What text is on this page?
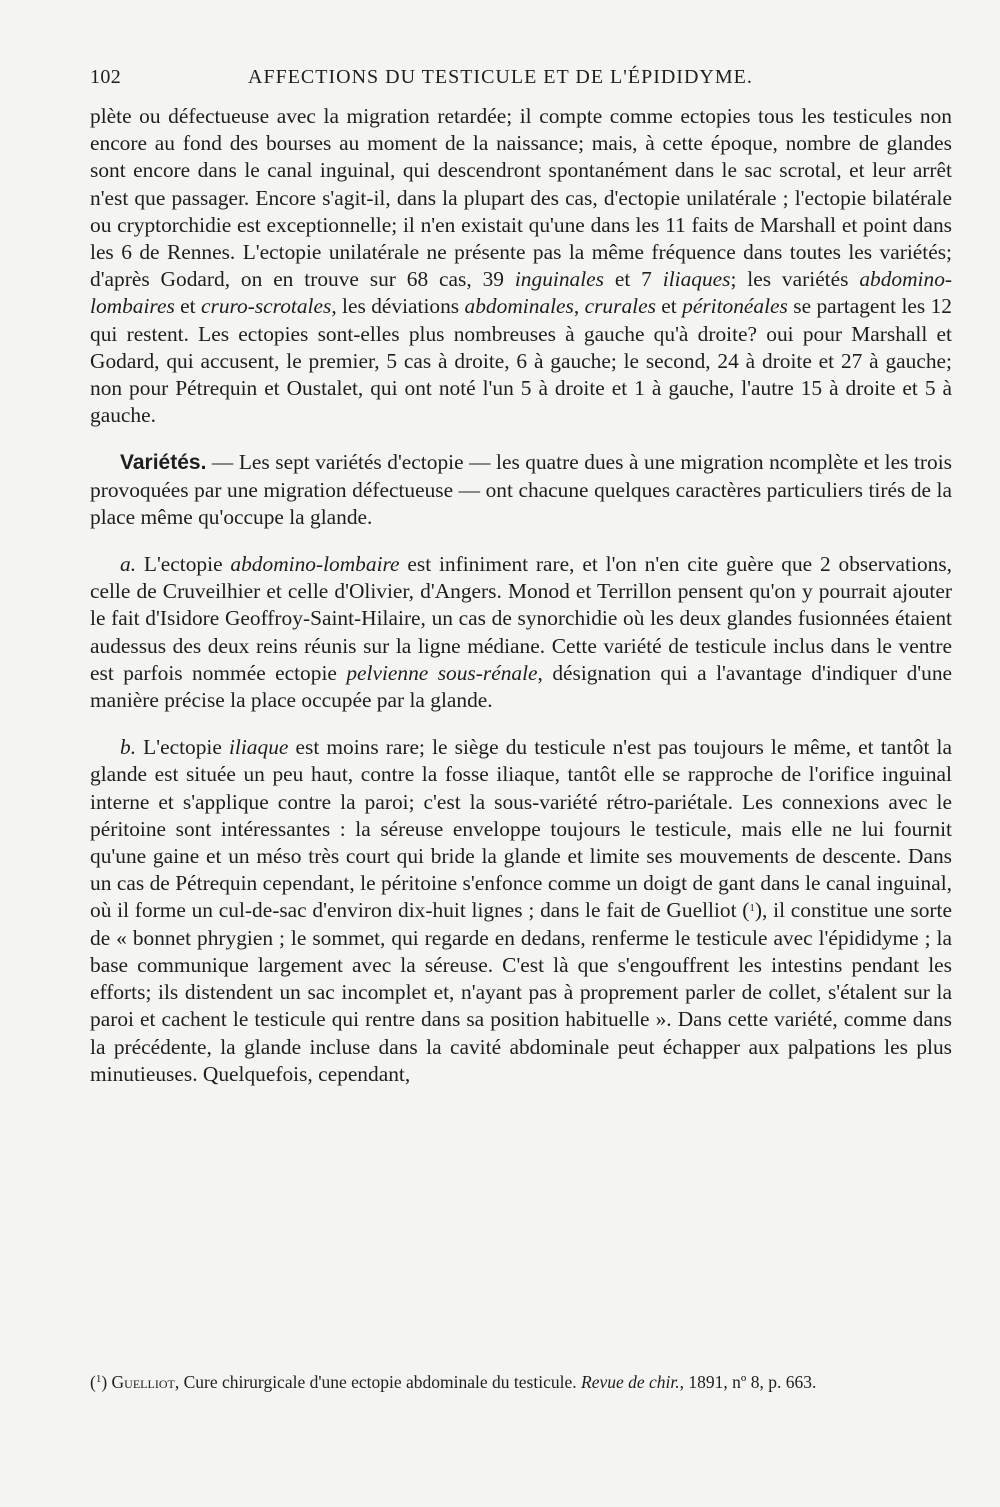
102	AFFECTIONS DU TESTICULE ET DE L'ÉPIDIDYME.

plète ou défectueuse avec la migration retardée; il compte comme ectopies tous les testicules non encore au fond des bourses au moment de la naissance; mais, à cette époque, nombre de glandes sont encore dans le canal inguinal, qui descendront spontanément dans le sac scrotal, et leur arrêt n'est que passager. Encore s'agit-il, dans la plupart des cas, d'ectopie unilatérale ; l'ectopie bilatérale ou cryptorchidie est exceptionnelle; il n'en existait qu'une dans les 11 faits de Marshall et point dans les 6 de Rennes. L'ectopie unilatérale ne présente pas la même fréquence dans toutes les variétés; d'après Godard, on en trouve sur 68 cas, 39 inguinales et 7 iliaques; les variétés abdomino-lombaires et cruro-scrotales, les déviations abdominales, crurales et péritonéales se partagent les 12 qui restent. Les ectopies sont-elles plus nombreuses à gauche qu'à droite? oui pour Marshall et Godard, qui accusent, le premier, 5 cas à droite, 6 à gauche; le second, 24 à droite et 27 à gauche; non pour Pétrequin et Oustalet, qui ont noté l'un 5 à droite et 1 à gauche, l'autre 15 à droite et 5 à gauche.

Variétés. — Les sept variétés d'ectopie — les quatre dues à une migration ncomplète et les trois provoquées par une migration défectueuse — ont chacune quelques caractères particuliers tirés de la place même qu'occupe la glande.

a. L'ectopie abdomino-lombaire est infiniment rare, et l'on n'en cite guère que 2 observations, celle de Cruveilhier et celle d'Olivier, d'Angers. Monod et Terrillon pensent qu'on y pourrait ajouter le fait d'Isidore Geoffroy-Saint-Hilaire, un cas de synorchidie où les deux glandes fusionnées étaient audessus des deux reins réunis sur la ligne médiane. Cette variété de testicule inclus dans le ventre est parfois nommée ectopie pelvienne sous-rénale, désignation qui a l'avantage d'indiquer d'une manière précise la place occupée par la glande.

b. L'ectopie iliaque est moins rare; le siège du testicule n'est pas toujours le même, et tantôt la glande est située un peu haut, contre la fosse iliaque, tantôt elle se rapproche de l'orifice inguinal interne et s'applique contre la paroi; c'est la sous-variété rétro-pariétale. Les connexions avec le péritoine sont intéressantes : la séreuse enveloppe toujours le testicule, mais elle ne lui fournit qu'une gaine et un méso très court qui bride la glande et limite ses mouvements de descente. Dans un cas de Pétrequin cependant, le péritoine s'enfonce comme un doigt de gant dans le canal inguinal, où il forme un cul-de-sac d'environ dix-huit lignes ; dans le fait de Guelliot ($^1$), il constitue une sorte de « bonnet phrygien ; le sommet, qui regarde en dedans, renferme le testicule avec l'épididyme ; la base communique largement avec la séreuse. C'est là que s'engouffrent les intestins pendant les efforts; ils distendent un sac incomplet et, n'ayant pas à proprement parler de collet, s'étalent sur la paroi et cachent le testicule qui rentre dans sa position habituelle ». Dans cette variété, comme dans la précédente, la glande incluse dans la cavité abdominale peut échapper aux palpations les plus minutieuses. Quelquefois, cependant,

($^1$) Guelliot, Cure chirurgicale d'une ectopie abdominale du testicule. Revue de chir., 1891, nº 8, p. 663.
